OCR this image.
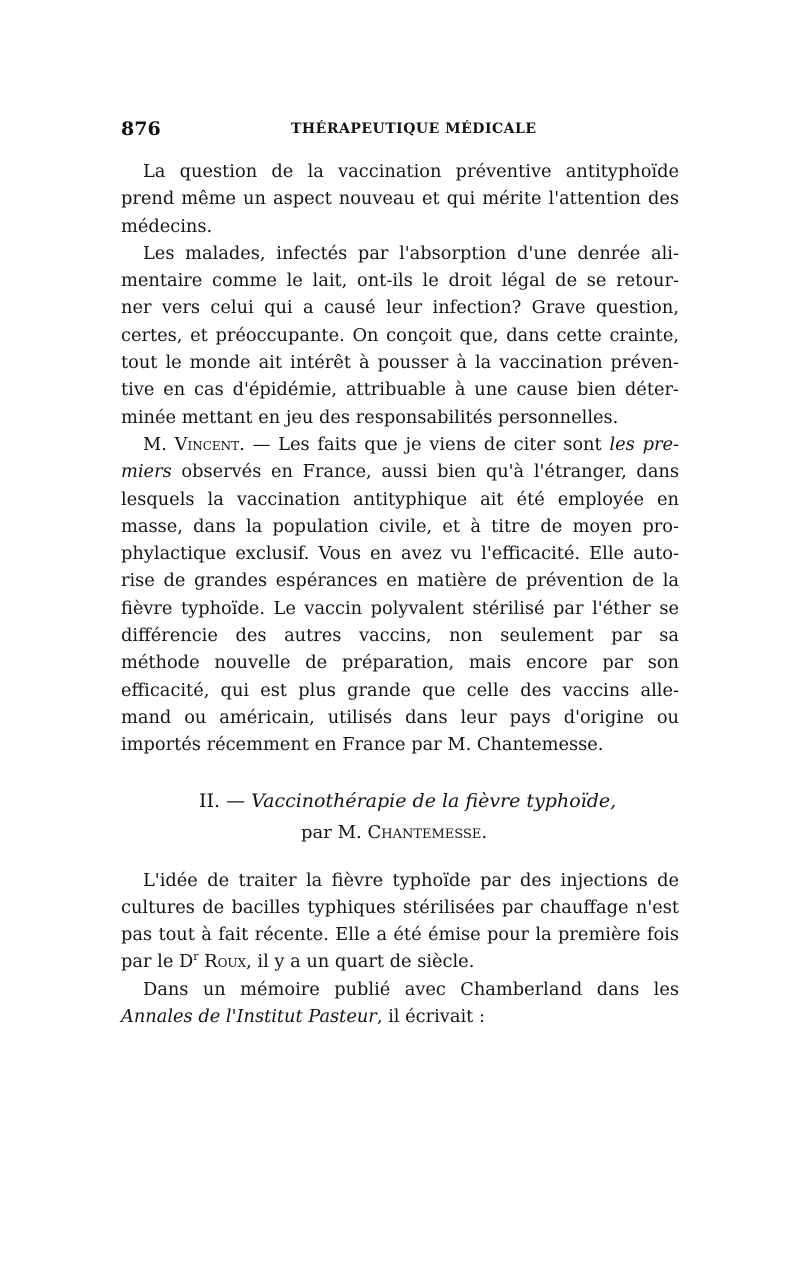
876	THÉRAPEUTIQUE MÉDICALE
La question de la vaccination préventive antityphoïde
prend même un aspect nouveau et qui mérite l'attention des
médecins.
Les malades, infectés par l'absorption d'une denrée ali-
mentaire comme le lait, ont-ils le droit légal de se retour-
ner vers celui qui a causé leur infection? Grave question,
certes, et préoccupante. On conçoit que, dans cette crainte,
tout le monde ait intérêt à pousser à la vaccination préven-
tive en cas d'épidémie, attribuable à une cause bien déter-
minée mettant en jeu des responsabilités personnelles.
M. Vincent. — Les faits que je viens de citer sont les pre-
miers observés en France, aussi bien qu'à l'étranger, dans
lesquels la vaccination antityphique ait été employée en
masse, dans la population civile, et à titre de moyen pro-
phylactique exclusif. Vous en avez vu l'efficacité. Elle auto-
rise de grandes espérances en matière de prévention de la
fièvre typhoïde. Le vaccin polyvalent stérilisé par l'éther se
différencie des autres vaccins, non seulement par sa
méthode nouvelle de préparation, mais encore par son
efficacité, qui est plus grande que celle des vaccins alle-
mand ou américain, utilisés dans leur pays d'origine ou
importés récemment en France par M. Chantemesse.
II. — Vaccinothérapie de la fièvre typhoïde,
par M. Chantemesse.
L'idée de traiter la fièvre typhoïde par des injections de
cultures de bacilles typhiques stérilisées par chauffage n'est
pas tout à fait récente. Elle a été émise pour la première fois
par le $D^r$ Roux, il y a un quart de siècle.
Dans un mémoire publié avec Chamberland dans les
Annales de l'Institut Pasteur, il écrivait :
